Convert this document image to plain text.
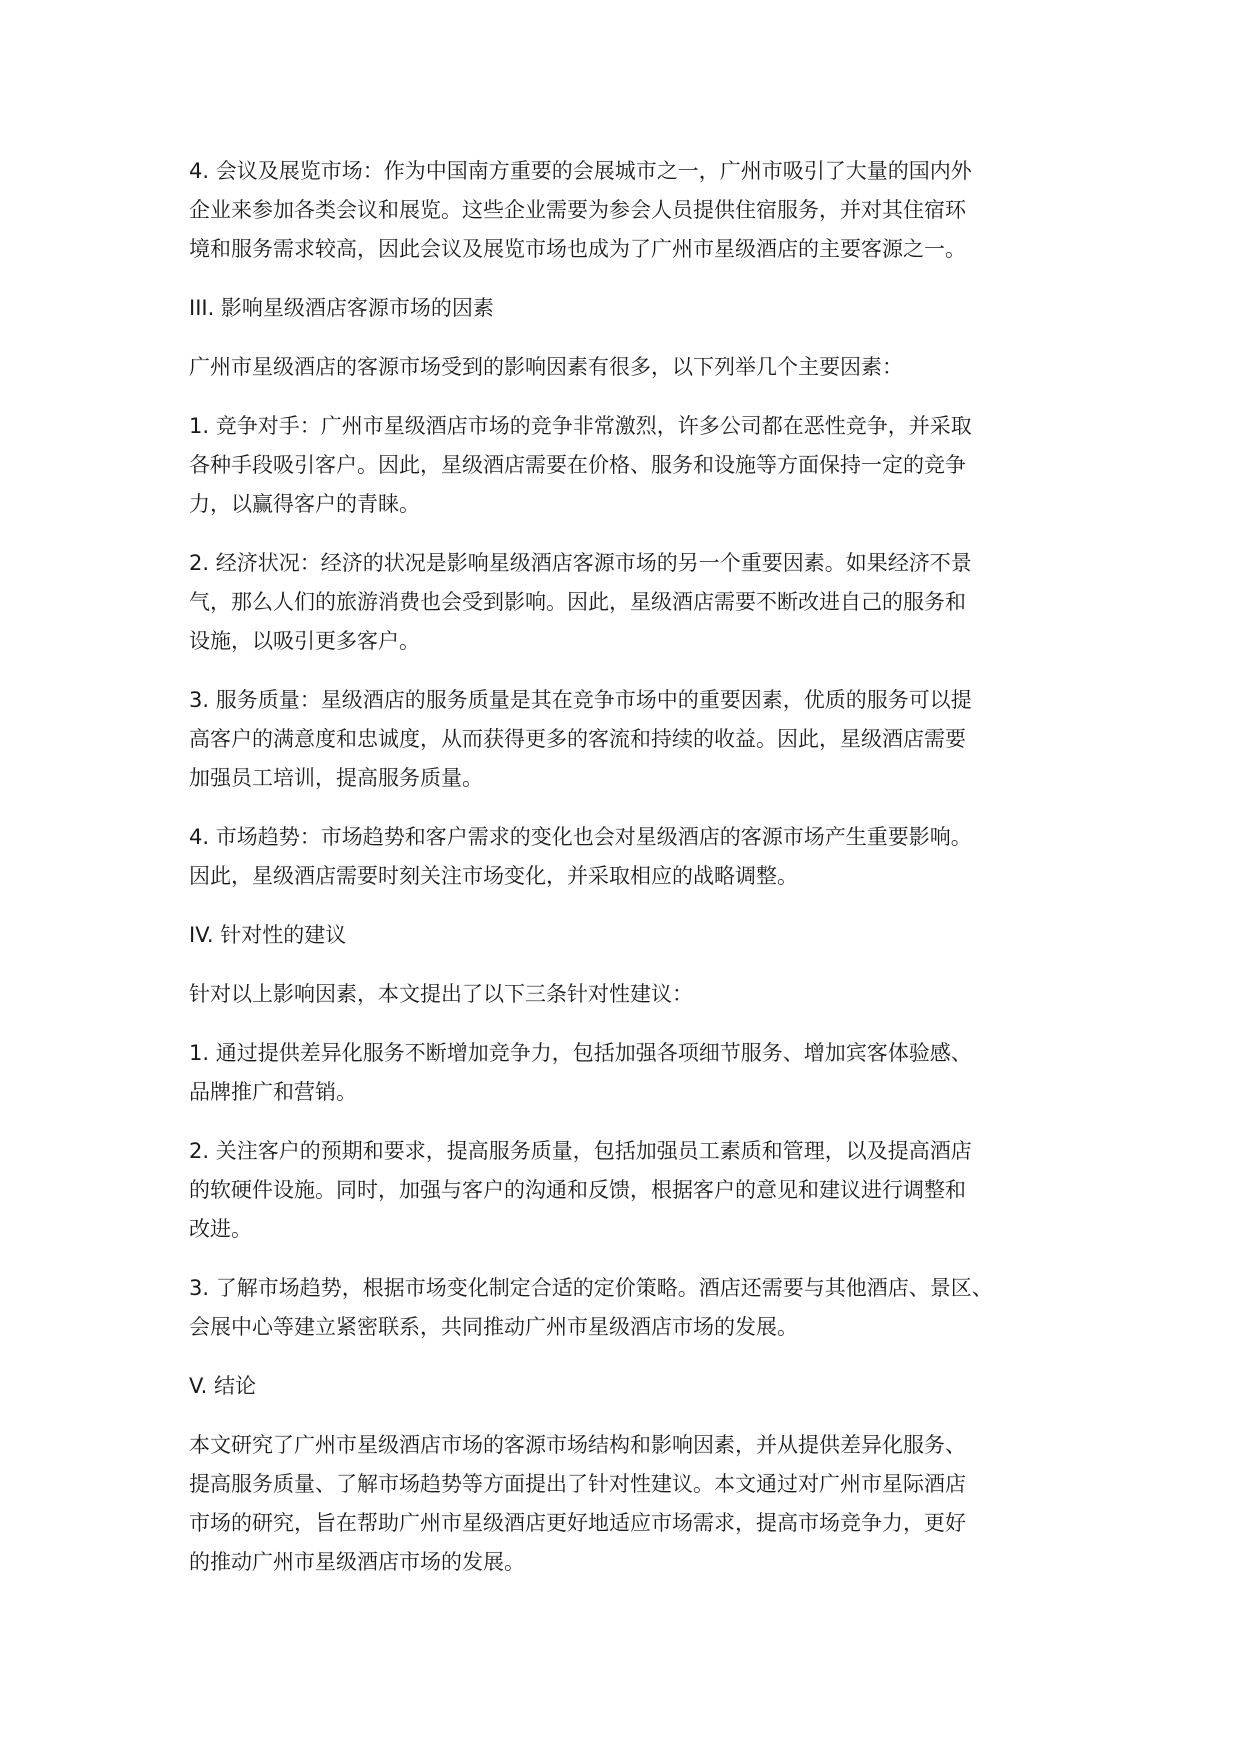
4. 会议及展览市场：作为中国南方重要的会展城市之一，广州市吸引了大量的国内外
企业来参加各类会议和展览。这些企业需要为参会人员提供住宿服务，并对其住宿环
境和服务需求较高，因此会议及展览市场也成为了广州市星级酒店的主要客源之一。

III. 影响星级酒店客源市场的因素

广州市星级酒店的客源市场受到的影响因素有很多，以下列举几个主要因素：

1. 竞争对手：广州市星级酒店市场的竞争非常激烈，许多公司都在恶性竞争，并采取
各种手段吸引客户。因此，星级酒店需要在价格、服务和设施等方面保持一定的竞争
力，以赢得客户的青睐。

2. 经济状况：经济的状况是影响星级酒店客源市场的另一个重要因素。如果经济不景
气，那么人们的旅游消费也会受到影响。因此，星级酒店需要不断改进自己的服务和
设施，以吸引更多客户。

3. 服务质量：星级酒店的服务质量是其在竞争市场中的重要因素，优质的服务可以提
高客户的满意度和忠诚度，从而获得更多的客流和持续的收益。因此，星级酒店需要
加强员工培训，提高服务质量。

4. 市场趋势：市场趋势和客户需求的变化也会对星级酒店的客源市场产生重要影响。
因此，星级酒店需要时刻关注市场变化，并采取相应的战略调整。

IV. 针对性的建议

针对以上影响因素，本文提出了以下三条针对性建议：

1. 通过提供差异化服务不断增加竞争力，包括加强各项细节服务、增加宾客体验感、
品牌推广和营销。

2. 关注客户的预期和要求，提高服务质量，包括加强员工素质和管理，以及提高酒店
的软硬件设施。同时，加强与客户的沟通和反馈，根据客户的意见和建议进行调整和
改进。

3. 了解市场趋势，根据市场变化制定合适的定价策略。酒店还需要与其他酒店、景区、
会展中心等建立紧密联系，共同推动广州市星级酒店市场的发展。

V. 结论

本文研究了广州市星级酒店市场的客源市场结构和影响因素，并从提供差异化服务、
提高服务质量、了解市场趋势等方面提出了针对性建议。本文通过对广州市星际酒店
市场的研究，旨在帮助广州市星级酒店更好地适应市场需求，提高市场竞争力，更好
的推动广州市星级酒店市场的发展。
